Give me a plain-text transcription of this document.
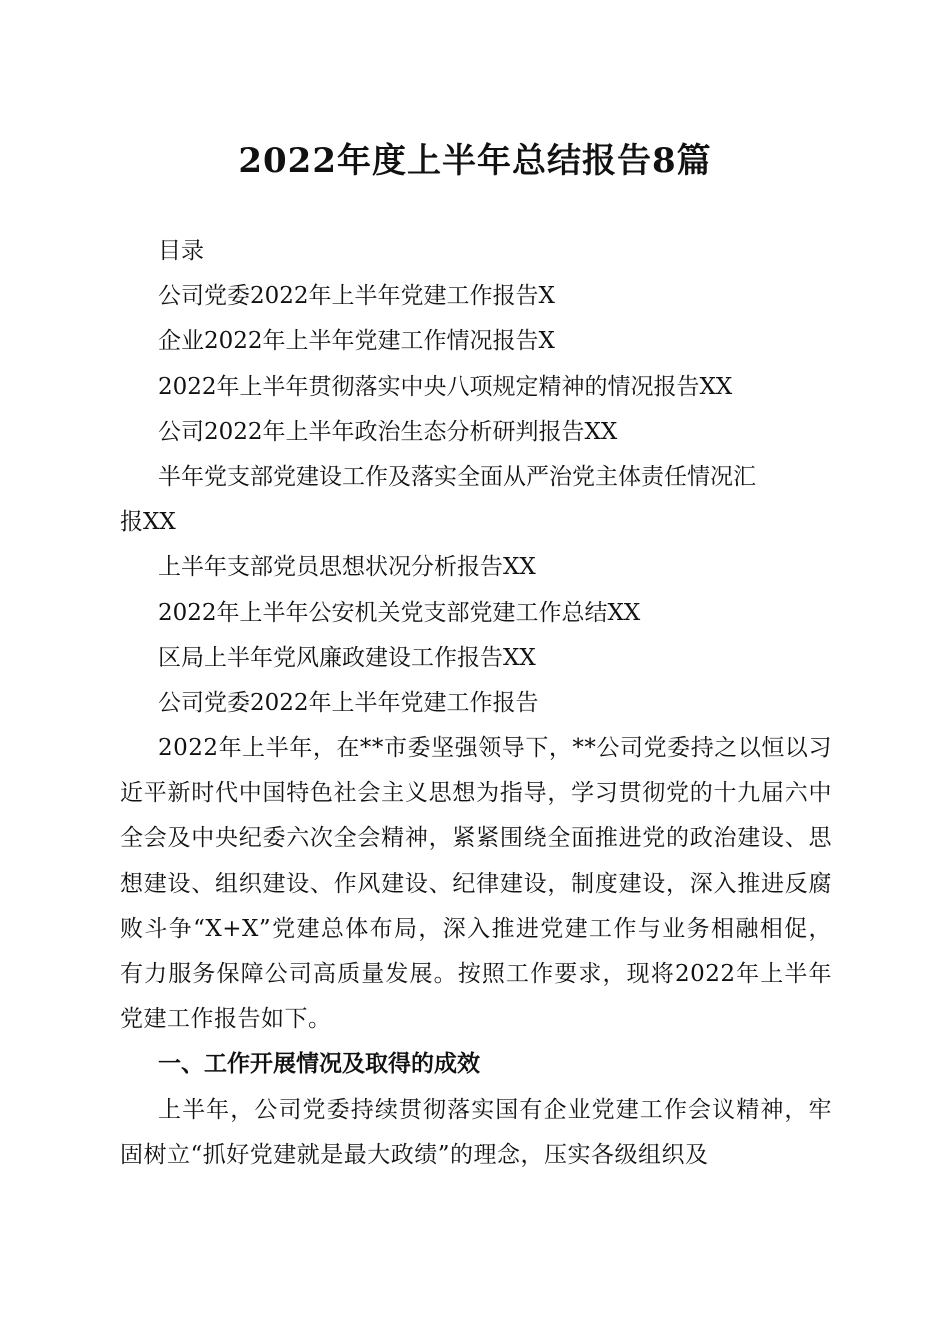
2022年度上半年总结报告8篇
目录
公司党委2022年上半年党建工作报告X
企业2022年上半年党建工作情况报告X
2022年上半年贯彻落实中央八项规定精神的情况报告XX
公司2022年上半年政治生态分析研判报告XX
半年党支部党建设工作及落实全面从严治党主体责任情况汇
报XX
上半年支部党员思想状况分析报告XX
2022年上半年公安机关党支部党建工作总结XX
区局上半年党风廉政建设工作报告XX
公司党委2022年上半年党建工作报告
2022年上半年，在**市委坚强领导下，**公司党委持之以恒以习近平新时代中国特色社会主义思想为指导，学习贯彻党的十九届六中全会及中央纪委六次全会精神，紧紧围绕全面推进党的政治建设、思想建设、组织建设、作风建设、纪律建设，制度建设，深入推进反腐败斗争“X+X”党建总体布局，深入推进党建工作与业务相融相促，有力服务保障公司高质量发展。按照工作要求，现将2022年上半年党建工作报告如下。
一、工作开展情况及取得的成效
上半年，公司党委持续贯彻落实国有企业党建工作会议精神，牢固树立“抓好党建就是最大政绩”的理念，压实各级组织及
